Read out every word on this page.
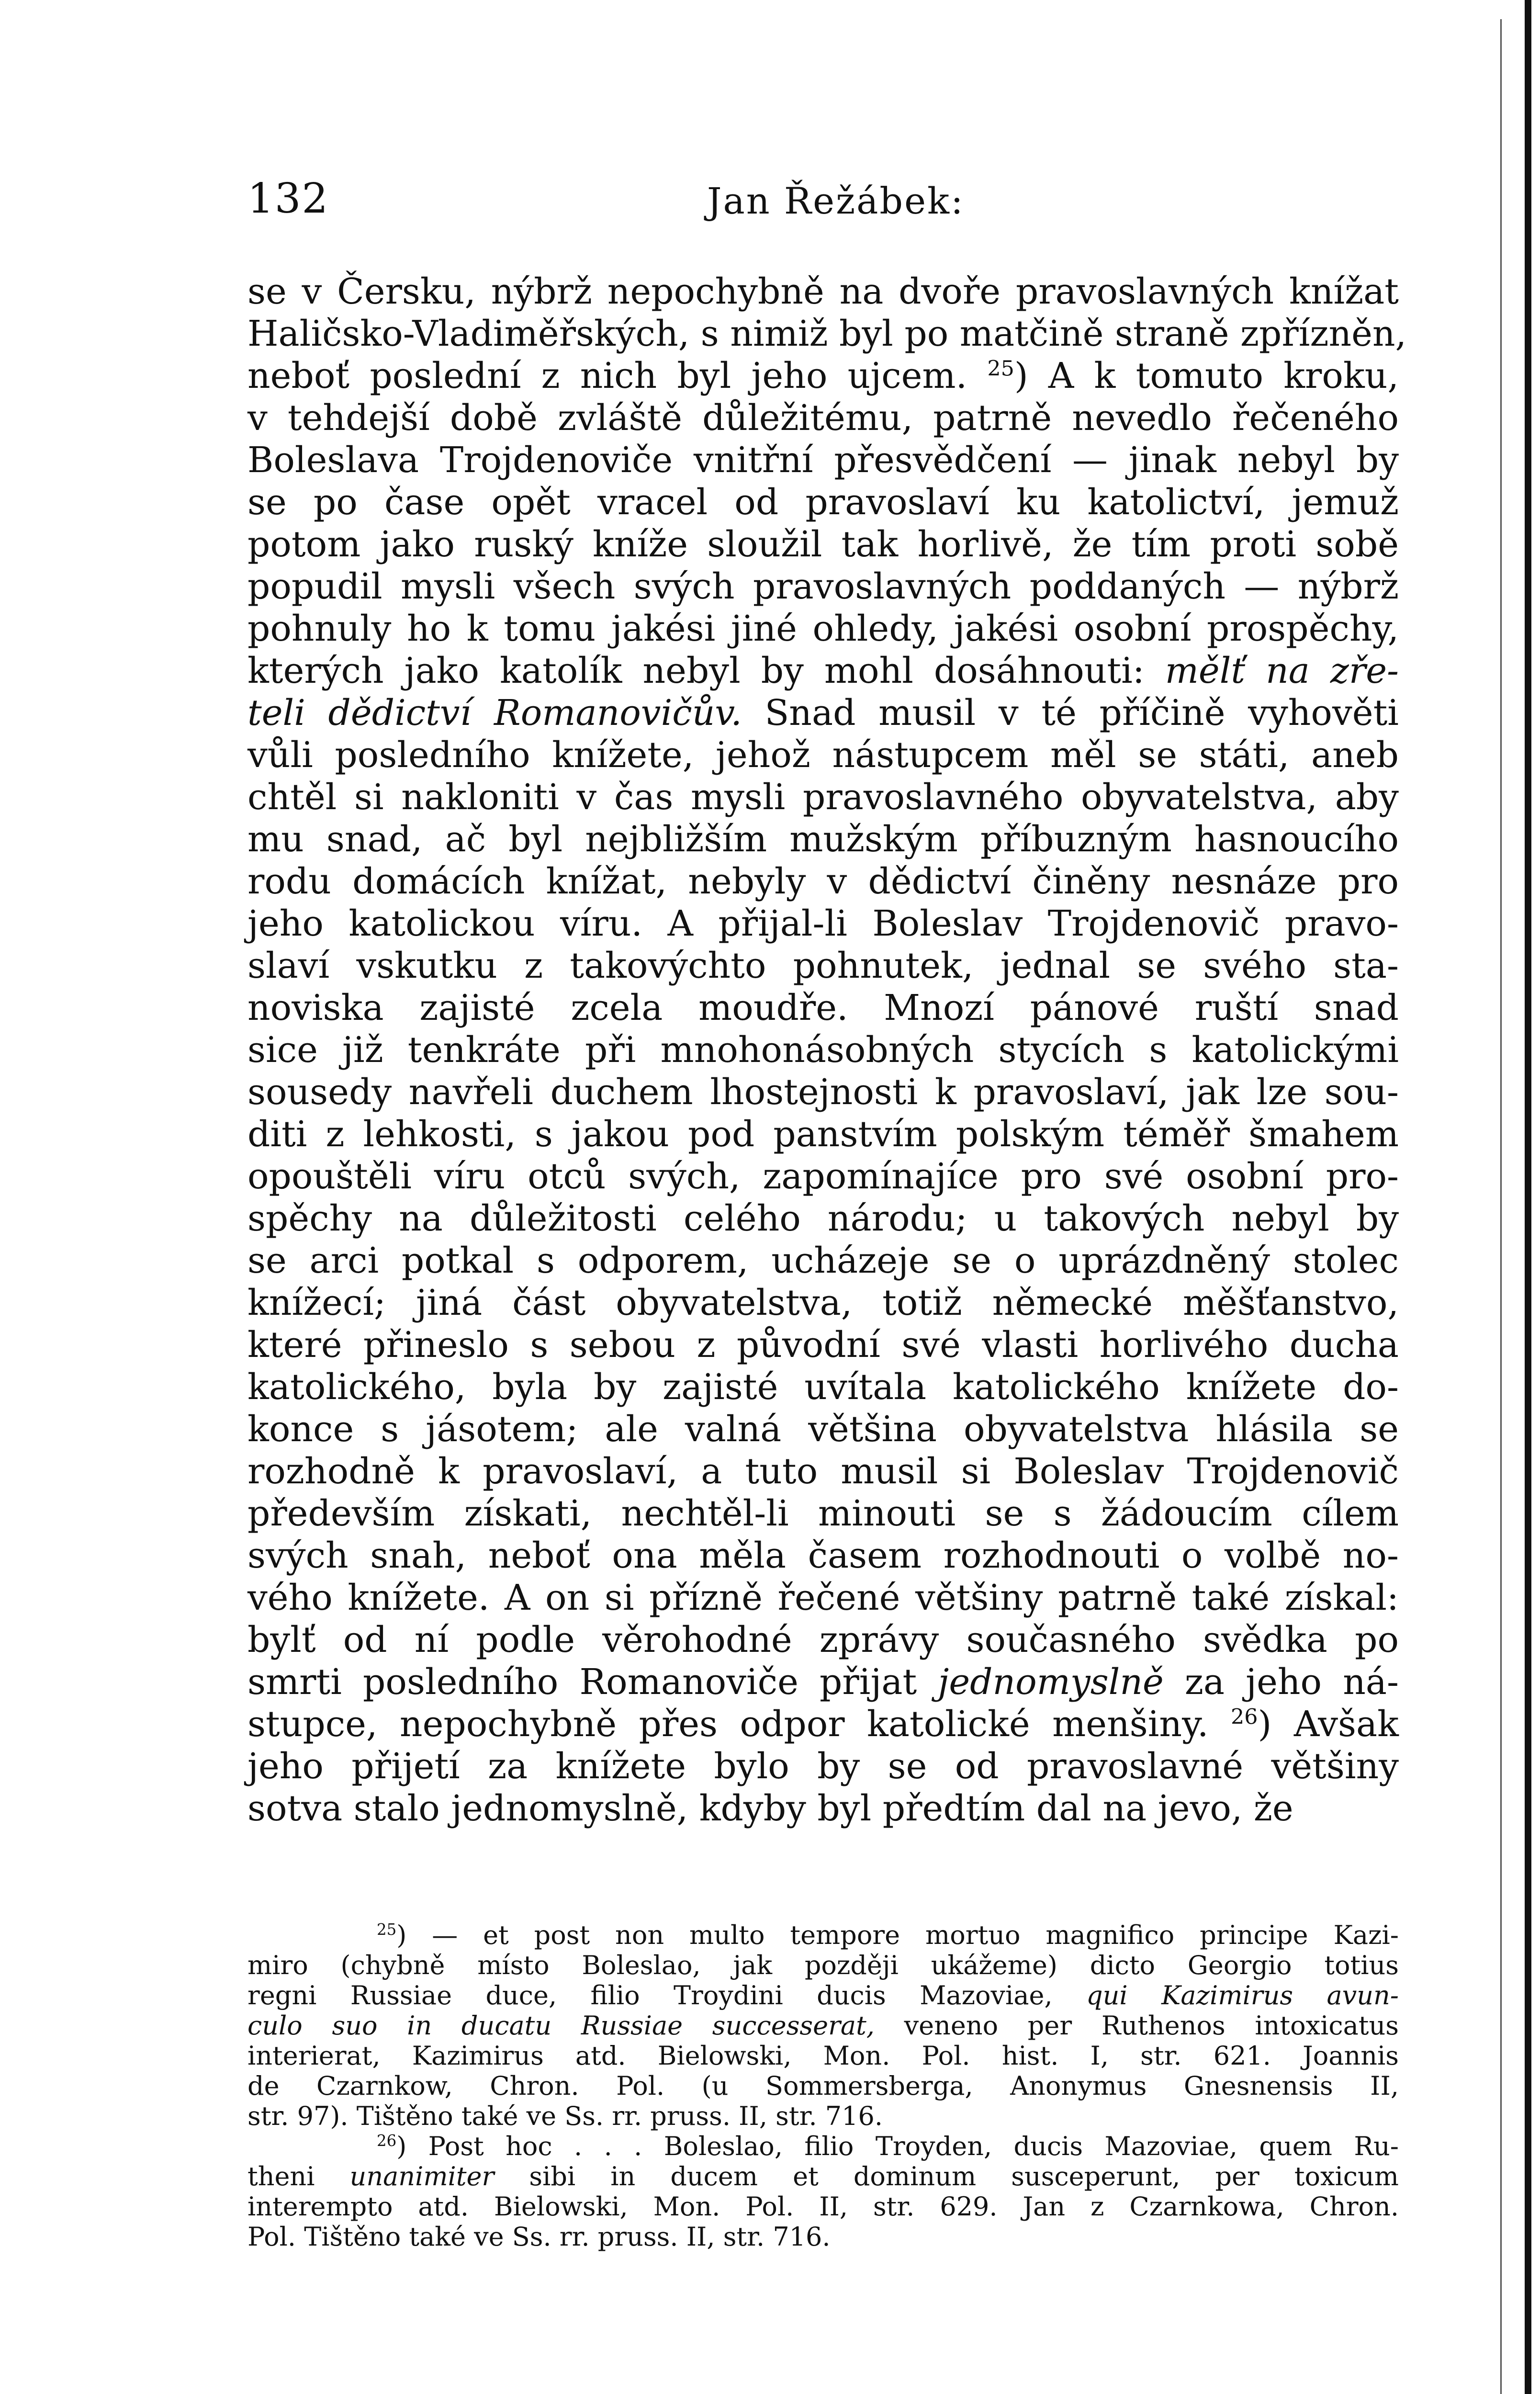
132	Jan Řežábek:
se v Čersku, nýbrž nepochybně na dvoře pravoslavných knížat
Haličsko-Vladiměřských, s nimiž byl po matčině straně zpřízněn,
neboť poslední z nich byl jeho ujcem. $^{25}$) A k tomuto kroku,
v tehdejší době zvláště důležitému, patrně nevedlo řečeného
Boleslava Trojdenoviče vnitřní přesvědčení — jinak nebyl by
se po čase opět vracel od pravoslaví ku katolictví, jemuž
potom jako ruský kníže sloužil tak horlivě, že tím proti sobě
popudil mysli všech svých pravoslavných poddaných — nýbrž
pohnuly ho k tomu jakési jiné ohledy, jakési osobní prospěchy,
kterých jako katolík nebyl by mohl dosáhnouti: mělť na zře-
teli dědictví Romanovičův. Snad musil v té příčině vyhověti
vůli posledního knížete, jehož nástupcem měl se státi, aneb
chtěl si nakloniti v čas mysli pravoslavného obyvatelstva, aby
mu snad, ač byl nejbližším mužským příbuzným hasnoucího
rodu domácích knížat, nebyly v dědictví činěny nesnáze pro
jeho katolickou víru. A přijal-li Boleslav Trojdenovič pravo-
slaví vskutku z takovýchto pohnutek, jednal se svého sta-
noviska zajisté zcela moudře. Mnozí pánové ruští snad
sice již tenkráte při mnohonásobných stycích s katolickými
sousedy navřeli duchem lhostejnosti k pravoslaví, jak lze sou-
diti z lehkosti, s jakou pod panstvím polským téměř šmahem
opouštěli víru otců svých, zapomínajíce pro své osobní pro-
spěchy na důležitosti celého národu; u takových nebyl by
se arci potkal s odporem, ucházeje se o uprázdněný stolec
knížecí; jiná část obyvatelstva, totiž německé měšťanstvo,
které přineslo s sebou z původní své vlasti horlivého ducha
katolického, byla by zajisté uvítala katolického knížete do-
konce s jásotem; ale valná většina obyvatelstva hlásila se
rozhodně k pravoslaví, a tuto musil si Boleslav Trojdenovič
především získati, nechtěl-li minouti se s žádoucím cílem
svých snah, neboť ona měla časem rozhodnouti o volbě no-
vého knížete. A on si přízně řečené většiny patrně také získal:
bylť od ní podle věrohodné zprávy současného svědka po
smrti posledního Romanoviče přijat jednomyslně za jeho ná-
stupce, nepochybně přes odpor katolické menšiny. $^{26}$) Avšak
jeho přijetí za knížete bylo by se od pravoslavné většiny
sotva stalo jednomyslně, kdyby byl předtím dal na jevo, že
$^{25}$) — et post non multo tempore mortuo magnifico principe Kazi-
miro (chybně místo Boleslao, jak později ukážeme) dicto Georgio totius
regni Russiae duce, filio Troydini ducis Mazoviae, qui Kazimirus avun-
culo suo in ducatu Russiae successerat, veneno per Ruthenos intoxicatus
interierat, Kazimirus atd. Bielowski, Mon. Pol. hist. I, str. 621. Joannis
de Czarnkow, Chron. Pol. (u Sommersberga, Anonymus Gnesnensis II,
str. 97). Tištěno také ve Ss. rr. pruss. II, str. 716.
$^{26}$) Post hoc . . . Boleslao, filio Troyden, ducis Mazoviae, quem Ru-
theni unanimiter sibi in ducem et dominum susceperunt, per toxicum
interempto atd. Bielowski, Mon. Pol. II, str. 629. Jan z Czarnkowa, Chron.
Pol. Tištěno také ve Ss. rr. pruss. II, str. 716.
